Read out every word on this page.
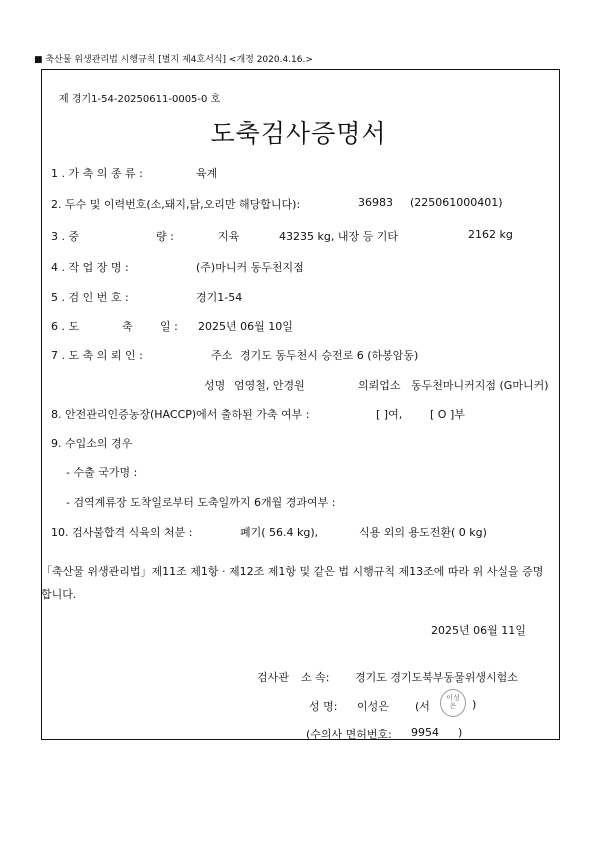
■ 축산물 위생관리법 시행규칙 [별지 제4호서식] <개정 2020.4.16.>
제 경기1-54-20250611-0005-0 호
도축검사증명서
1 . 가 축 의 종 류 :	육계
2. 두수 및 이력번호(소,돼지,닭,오리만 해당합니다):	36983 (225061000401)
3 . 중	량 :	지육	43235 kg, 내장 등 기타	2162 kg
4 . 작 업 장 명 :	(주)마니커 동두천지점
5 . 검 인 번 호 :	경기1-54
6 . 도	축 일 : 2025년 06월 10일
7 . 도 축 의 뢰 인 :	주소 경기도 동두천시 승전로 6 (하봉암동)
성명 엄영철, 안경원	의뢰업소 동두천마니커지점 (G마니커)
8. 안전관리인증농장(HACCP)에서 출하된 가축 여부 :	[ ]여,	[ O ]부
9. 수입소의 경우
- 수출 국가명 :
- 검역계류장 도착일로부터 도축일까지 6개월 경과여부 :
10. 검사불합격 식육의 처분 :	폐기( 56.4 kg),	식용 외의 용도전환( 0 kg)
「축산물 위생관리법」제11조 제1항 · 제12조 제1항 및 같은 법 시행규칙 제13조에 따라 위 사실을 증명
합니다.
2025년 06월 11일
검사관 소 속: 경기도 경기도북부동물위생시험소
성 명: 이성은 (서
이성은	)
(수의사 면허번호: 9954 )
